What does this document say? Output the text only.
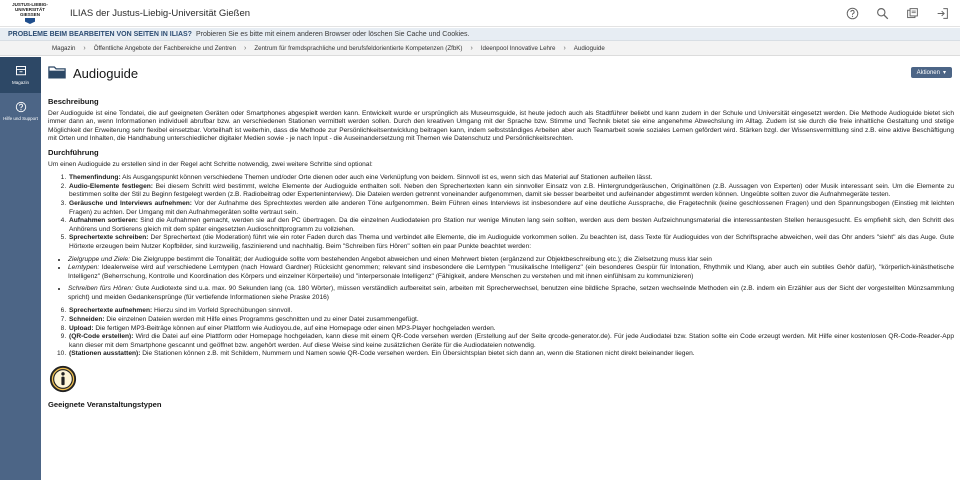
JUSTUS-LIEBIG-
UNIVERSITÄT
GIESSEN	ILIAS der Justus-Liebig-Universität Gießen
PROBLEME BEIM BEARBEITEN VON SEITEN IN ILIAS? Probieren Sie es bitte mit einem anderen Browser oder löschen Sie Cache und Cookies.
Magazin › Öffentliche Angebote der Fachbereiche und Zentren › Zentrum für fremdsprachliche und berufsfeldorientierte Kompetenzen (ZfbK) › Ideenpool Innovative Lehre › Audioguide
Magazin
Hilfe und Support
Audioguide	Aktionen ▾
Beschreibung

Der Audioguide ist eine Tondatei, die auf geeigneten Geräten oder Smartphones abgespielt werden kann. Entwickelt wurde er ursprünglich als Museumsguide, ist heute jedoch auch als Stadtführer beliebt und kann zudem in der Schule und Universität eingesetzt werden. Die Methode Audioguide bietet sich immer dann an, wenn Informationen individuell abrufbar bzw. an verschiedenen Stationen vermittelt werden sollen. Durch den kreativen Umgang mit der Sprache bzw. Stimme und Technik bietet sie eine angenehme Abwechslung im Alltag. Zudem ist sie durch die freie inhaltliche Gestaltung und stetige Möglichkeit der Erweiterung sehr flexibel einsetzbar. Vorteilhaft ist weiterhin, dass die Methode zur Persönlichkeitsentwicklung beitragen kann, indem selbstständiges Arbeiten aber auch Teamarbeit sowie soziales Lernen gefördert wird. Stärken bzgl. der Wissensvermittlung sind z.B. eine aktive Beschäftigung mit Orten und Inhalten, die Handhabung unterschiedlicher digitaler Medien sowie - je nach Input - die Auseinandersetzung mit Themen wie Datenschutz und Persönlichkeitsrechten.

Durchführung

Um einen Audioguide zu erstellen sind in der Regel acht Schritte notwendig, zwei weitere Schritte sind optional:

1. Themenfindung: Als Ausgangspunkt können verschiedene Themen und/oder Orte dienen oder auch eine Verknüpfung von beidem. Sinnvoll ist es, wenn sich das Material auf Stationen aufteilen lässt.
2. Audio-Elemente festlegen: Bei diesem Schritt wird bestimmt, welche Elemente der Audioguide enthalten soll. Neben den Sprechertexten kann ein sinnvoller Einsatz von z.B. Hintergrundgeräuschen, Originaltönen (z.B. Aussagen von Experten) oder Musik interessant sein. Um die Elemente zu bestimmen sollte der Stil zu Beginn festgelegt werden (z.B. Radiobeitrag oder Experteninterview). Die Dateien werden getrennt voneinander aufgenommen, damit sie besser bearbeitet und aufeinander abgestimmt werden können. Ungeübte sollten zuvor die Aufnahmegeräte testen.
3. Geräusche und Interviews aufnehmen: Vor der Aufnahme des Sprechtextes werden alle anderen Töne aufgenommen. Beim Führen eines Interviews ist insbesondere auf eine deutliche Aussprache, die Fragetechnik (keine geschlossenen Fragen) und den Spannungsbogen (Einstieg mit leichten Fragen) zu achten. Der Umgang mit den Aufnahmegeräten sollte vertraut sein.
4. Aufnahmen sortieren: Sind die Aufnahmen gemacht, werden sie auf den PC übertragen. Da die einzelnen Audiodateien pro Station nur wenige Minuten lang sein sollten, werden aus dem besten Aufzeichnungsmaterial die interessantesten Stellen herausgesucht. Es empfiehlt sich, den Schritt des Anhörens und Sortierens gleich mit dem später eingesetzten Audioschnittprogramm zu vollziehen.
5. Sprechertexte schreiben: Der Sprechertext (die Moderation) führt wie ein roter Faden durch das Thema und verbindet alle Elemente, die im Audioguide vorkommen sollen. Zu beachten ist, dass Texte für Audioguides von der Schriftsprache abweichen, weil das Ohr anders "sieht" als das Auge. Gute Hörtexte erzeugen beim Nutzer Kopfbilder, sind kurzweilig, faszinierend und nachhaltig. Beim "Schreiben fürs Hören" sollten ein paar Punkte beachtet werden:
• Zielgruppe und Ziele: Die Zielgruppe bestimmt die Tonalität; der Audioguide sollte vom bestehenden Angebot abweichen und einen Mehrwert bieten (ergänzend zur Objektbeschreibung etc.); die Zielsetzung muss klar sein
• Lerntypen: Idealerweise wird auf verschiedene Lerntypen (nach Howard Gardner) Rücksicht genommen; relevant sind insbesondere die Lerntypen "musikalische Intelligenz" (ein besonderes Gespür für Intonation, Rhythmik und Klang, aber auch ein subtiles Gehör dafür), "körperlich-kinästhetische Intelligenz" (Beherrschung, Kontrolle und Koordination des Körpers und einzelner Körperteile) und "interpersonale Intelligenz" (Fähigkeit, andere Menschen zu verstehen und mit ihnen einfühlsam zu kommunizieren)
• Schreiben fürs Hören: Gute Audiotexte sind u.a. max. 90 Sekunden lang (ca. 180 Wörter), müssen verständlich aufbereitet sein, arbeiten mit Sprecherwechsel, benutzen eine bildliche Sprache, setzen wechselnde Methoden ein (z.B. indem ein Erzähler aus der Sicht der vorgestellten Münzsammlung spricht) und meiden Gedankensprünge (für vertiefende Informationen siehe Praske 2016)
6. Sprechertexte aufnehmen: Hierzu sind im Vorfeld Sprechübungen sinnvoll.
7. Schneiden: Die einzelnen Dateien werden mit Hilfe eines Programms geschnitten und zu einer Datei zusammengefügt.
8. Upload: Die fertigen MP3-Beiträge können auf einer Plattform wie Audioyou.de, auf eine Homepage oder einen MP3-Player hochgeladen werden.
9. (QR-Code erstellen): Wird die Datei auf eine Plattform oder Homepage hochgeladen, kann diese mit einem QR-Code versehen werden (Erstellung auf der Seite qrcode-generator.de). Für jede Audiodatei bzw. Station sollte ein Code erzeugt werden. Mit Hilfe einer kostenlosen QR-Code-Reader-App kann dieser mit dem Smartphone gescannt und geöffnet bzw. angehört werden. Auf diese Weise sind keine zusätzlichen Geräte für die Audiodateien notwendig.
10. (Stationen ausstatten): Die Stationen können z.B. mit Schildern, Nummern und Namen sowie QR-Code versehen werden. Ein Übersichtsplan bietet sich dann an, wenn die Stationen nicht direkt beieinander liegen.
Geeignete Veranstaltungstypen
